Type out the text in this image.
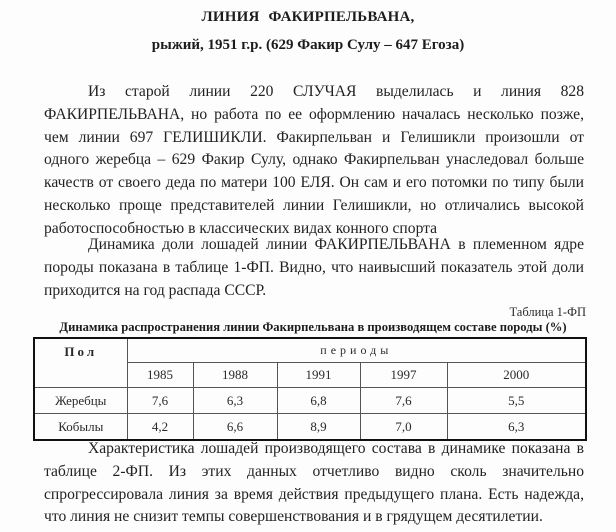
ЛИНИЯ ФАКИРПЕЛЬВАНА,
рыжий, 1951 г.р. (629 Факир Сулу – 647 Егоза)
Из старой линии 220 СЛУЧАЯ выделилась и линия 828
ФАКИРПЕЛЬВАНА, но работа по ее оформлению началась несколько позже,
чем линии 697 ГЕЛИШИКЛИ. Факирпельван и Гелишикли произошли от
одного жеребца – 629 Факир Сулу, однако Факирпельван унаследовал больше
качеств от своего деда по матери 100 ЕЛЯ. Он сам и его потомки по типу были
несколько проще представителей линии Гелишикли, но отличались высокой
работоспособностью в классических видах конного спорта
Динамика доли лошадей линии ФАКИРПЕЛЬВАНА в племенном ядре
породы показана в таблице 1-ФП. Видно, что наивысший показатель этой доли
приходится на год распада СССР.
Таблица 1-ФП
Динамика распространения линии Факирпельвана в производящем составе породы (%)
Пол	периоды				
	1985	1988	1991	1997	2000
Жеребцы	7,6	6,3	6,8	7,6	5,5
Кобылы	4,2	6,6	8,9	7,0	6,3
Характеристика лошадей производящего состава в динамике показана в
таблице 2-ФП. Из этих данных отчетливо видно сколь значительно
спрогрессировала линия за время действия предыдущего плана. Есть надежда,
что линия не снизит темпы совершенствования и в грядущем десятилетии.
